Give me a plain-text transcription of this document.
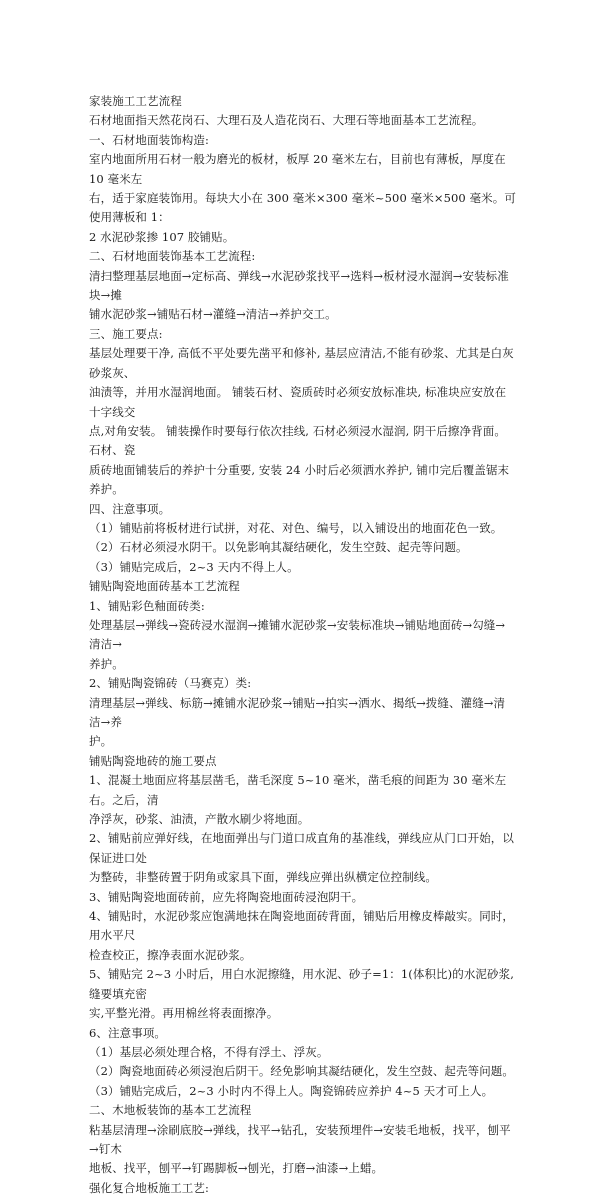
家装施工工艺流程
石材地面指天然花岗石、大理石及人造花岗石、大理石等地面基本工艺流程。
一、石材地面装饰构造:
室内地面所用石材一般为磨光的板材，板厚 20 毫米左右，目前也有薄板，厚度在 10 毫米左
右，适于家庭装饰用。每块大小在 300 毫米×300 毫米~500 毫米×500 毫米。可使用薄板和 1：
2 水泥砂浆掺 107 胶铺贴。
二、石材地面装饰基本工艺流程:
清扫整理基层地面→定标高、弹线→水泥砂浆找平→选料→板材浸水湿润→安装标准块→摊
铺水泥砂浆→铺贴石材→灌缝→清洁→养护交工。
三、施工要点:
基层处理要干净, 高低不平处要先凿平和修补, 基层应清洁,不能有砂浆、尤其是白灰砂浆灰、
油渍等，并用水湿润地面。 铺装石材、瓷质砖时必须安放标准块, 标准块应安放在十字线交
点,对角安装。 铺装操作时要每行依次挂线, 石材必须浸水湿润, 阴干后擦净背面。 石材、瓷
质砖地面铺装后的养护十分重要, 安装 24 小时后必须洒水养护, 铺巾完后覆盖锯末养护。
四、注意事项。
（1）铺贴前将板材进行试拼，对花、对色、编号，以入铺设出的地面花色一致。
（2）石材必须浸水阴干。以免影响其凝结硬化，发生空鼓、起壳等问题。
（3）铺贴完成后，2~3 天内不得上人。
铺贴陶瓷地面砖基本工艺流程
1、铺贴彩色釉面砖类:
处理基层→弹线→瓷砖浸水湿润→摊铺水泥砂浆→安装标准块→铺贴地面砖→勾缝→清洁→
养护。
2、铺贴陶瓷锦砖（马赛克）类:
清理基层→弹线、标筋→摊铺水泥砂浆→铺贴→拍实→洒水、揭纸→拨缝、灌缝→清洁→养
护。
铺贴陶瓷地砖的施工要点
1、混凝土地面应将基层凿毛，凿毛深度 5~10 毫米，凿毛痕的间距为 30 毫米左右。之后，清
净浮灰，砂浆、油渍，产散水刷少将地面。
2、铺贴前应弹好线，在地面弹出与门道口成直角的基准线，弹线应从门口开始，以保证进口处
为整砖，非整砖置于阴角或家具下面，弹线应弹出纵横定位控制线。
3、铺贴陶瓷地面砖前，应先将陶瓷地面砖浸泡阴干。
4、铺贴时，水泥砂浆应饱满地抹在陶瓷地面砖背面，铺贴后用橡皮棒敲实。同时，用水平尺
检查校正，擦净表面水泥砂浆。
5、铺贴完 2~3 小时后，用白水泥擦缝，用水泥、砂子=1：1(体积比)的水泥砂浆,缝要填充密
实,平整光滑。再用棉丝将表面擦净。
6、注意事项。
（1）基层必须处理合格，不得有浮土、浮灰。
（2）陶瓷地面砖必须浸泡后阴干。经免影响其凝结硬化，发生空鼓、起壳等问题。
（3）铺贴完成后，2~3 小时内不得上人。陶瓷锦砖应养护 4~5 天才可上人。
二、木地板装饰的基本工艺流程
粘基层清理→涂刷底胶→弹线，找平→钻孔，安装预埋件→安装毛地板，找平，刨平→钉木
地板、找平，刨平→钉踢脚板→刨光，打磨→油漆→上蜡。
强化复合地板施工工艺:
